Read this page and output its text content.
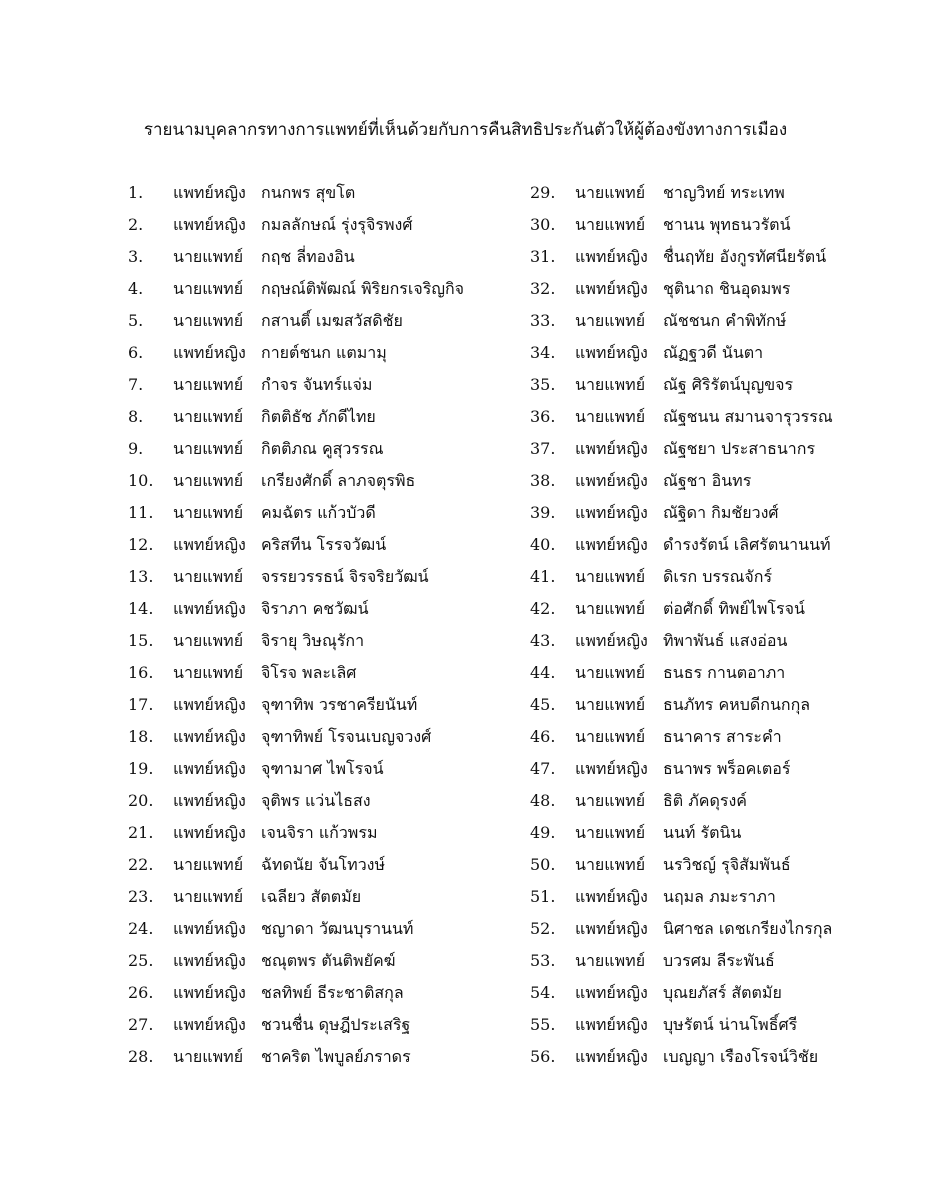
รายนามบุคลากรทางการแพทย์ที่เห็นด้วยกับการคืนสิทธิประกันตัวให้ผู้ต้องขังทางการเมือง
1. แพทย์หญิง กนกพร สุขโต
2. แพทย์หญิง กมลลักษณ์ รุ่งรุจิรพงศ์
3. นายแพทย์ กฤช ลี่ทองอิน
4. นายแพทย์ กฤษณ์ติพัฒณ์ พิริยกรเจริญกิจ
5. นายแพทย์ กสานติ์ เมฆสวัสดิชัย
6. แพทย์หญิง กายต์ชนก แตมามุ
7. นายแพทย์ กำจร จันทร์แจ่ม
8. นายแพทย์ กิตติธัช ภักดีไทย
9. นายแพทย์ กิตติภณ คูสุวรรณ
10. นายแพทย์ เกรียงศักดิ์ ลาภจตุรพิธ
11. นายแพทย์ คมฉัตร แก้วบัวดี
12. แพทย์หญิง คริสทีน โรรจวัฒน์
13. นายแพทย์ จรรยวรรธน์ จิรจริยวัฒน์
14. แพทย์หญิง จิราภา คชวัฒน์
15. นายแพทย์ จิรายุ วิษณุรักา
16. นายแพทย์ จิโรจ พละเลิศ
17. แพทย์หญิง จุฑาทิพ วรชาครียนันท์
18. แพทย์หญิง จุฑาทิพย์ โรจนเบญจวงศ์
19. แพทย์หญิง จุฑามาศ ไพโรจน์
20. แพทย์หญิง จุติพร แว่นไธสง
21. แพทย์หญิง เจนจิรา แก้วพรม
22. นายแพทย์ ฉัทดนัย จันโทวงษ์
23. นายแพทย์ เฉลียว สัตตมัย
24. แพทย์หญิง ชญาดา วัฒนบุรานนท์
25. แพทย์หญิง ชณุตพร ตันติพยัคฆ์
26. แพทย์หญิง ชลทิพย์ ธีระชาติสกุล
27. แพทย์หญิง ชวนชื่น ดุษฎีประเสริฐ
28. นายแพทย์ ชาคริต ไพบูลย์ภราดร
29. นายแพทย์ ชาญวิทย์ ทระเทพ
30. นายแพทย์ ชานน พุทธนวรัตน์
31. แพทย์หญิง ชื่นฤทัย อังกูรทัศนียรัตน์
32. แพทย์หญิง ชุตินาถ ชินอุดมพร
33. นายแพทย์ ณัชชนก คำพิทักษ์
34. แพทย์หญิง ณัฏฐวดี นันตา
35. นายแพทย์ ณัฐ ศิริรัตน์บุญขจร
36. นายแพทย์ ณัฐชนน สมานจารุวรรณ
37. แพทย์หญิง ณัฐชยา ประสาธนากร
38. แพทย์หญิง ณัฐชา อินทร
39. แพทย์หญิง ณัฐิดา กิมชัยวงศ์
40. แพทย์หญิง ดำรงรัตน์ เลิศรัตนานนท์
41. นายแพทย์ ดิเรก บรรณจักร์
42. นายแพทย์ ต่อศักดิ์ ทิพย์ไพโรจน์
43. แพทย์หญิง ทิพาพันธ์ แสงอ่อน
44. นายแพทย์ ธนธร กานตอาภา
45. นายแพทย์ ธนภัทร คหบดีกนกกุล
46. นายแพทย์ ธนาคาร สาระคำ
47. แพทย์หญิง ธนาพร พร็อคเตอร์
48. นายแพทย์ ธิติ ภัคดุรงค์
49. นายแพทย์ นนท์ รัตนิน
50. นายแพทย์ นรวิชญ์ รุจิสัมพันธ์
51. แพทย์หญิง นฤมล ภมะราภา
52. แพทย์หญิง นิศาชล เดชเกรียงไกรกุล
53. นายแพทย์ บวรศม ลีระพันธ์
54. แพทย์หญิง บุณยภัสร์ สัตตมัย
55. แพทย์หญิง บุษรัตน์ น่านโพธิ์ศรี
56. แพทย์หญิง เบญญา เรืองโรจน์วิชัย
